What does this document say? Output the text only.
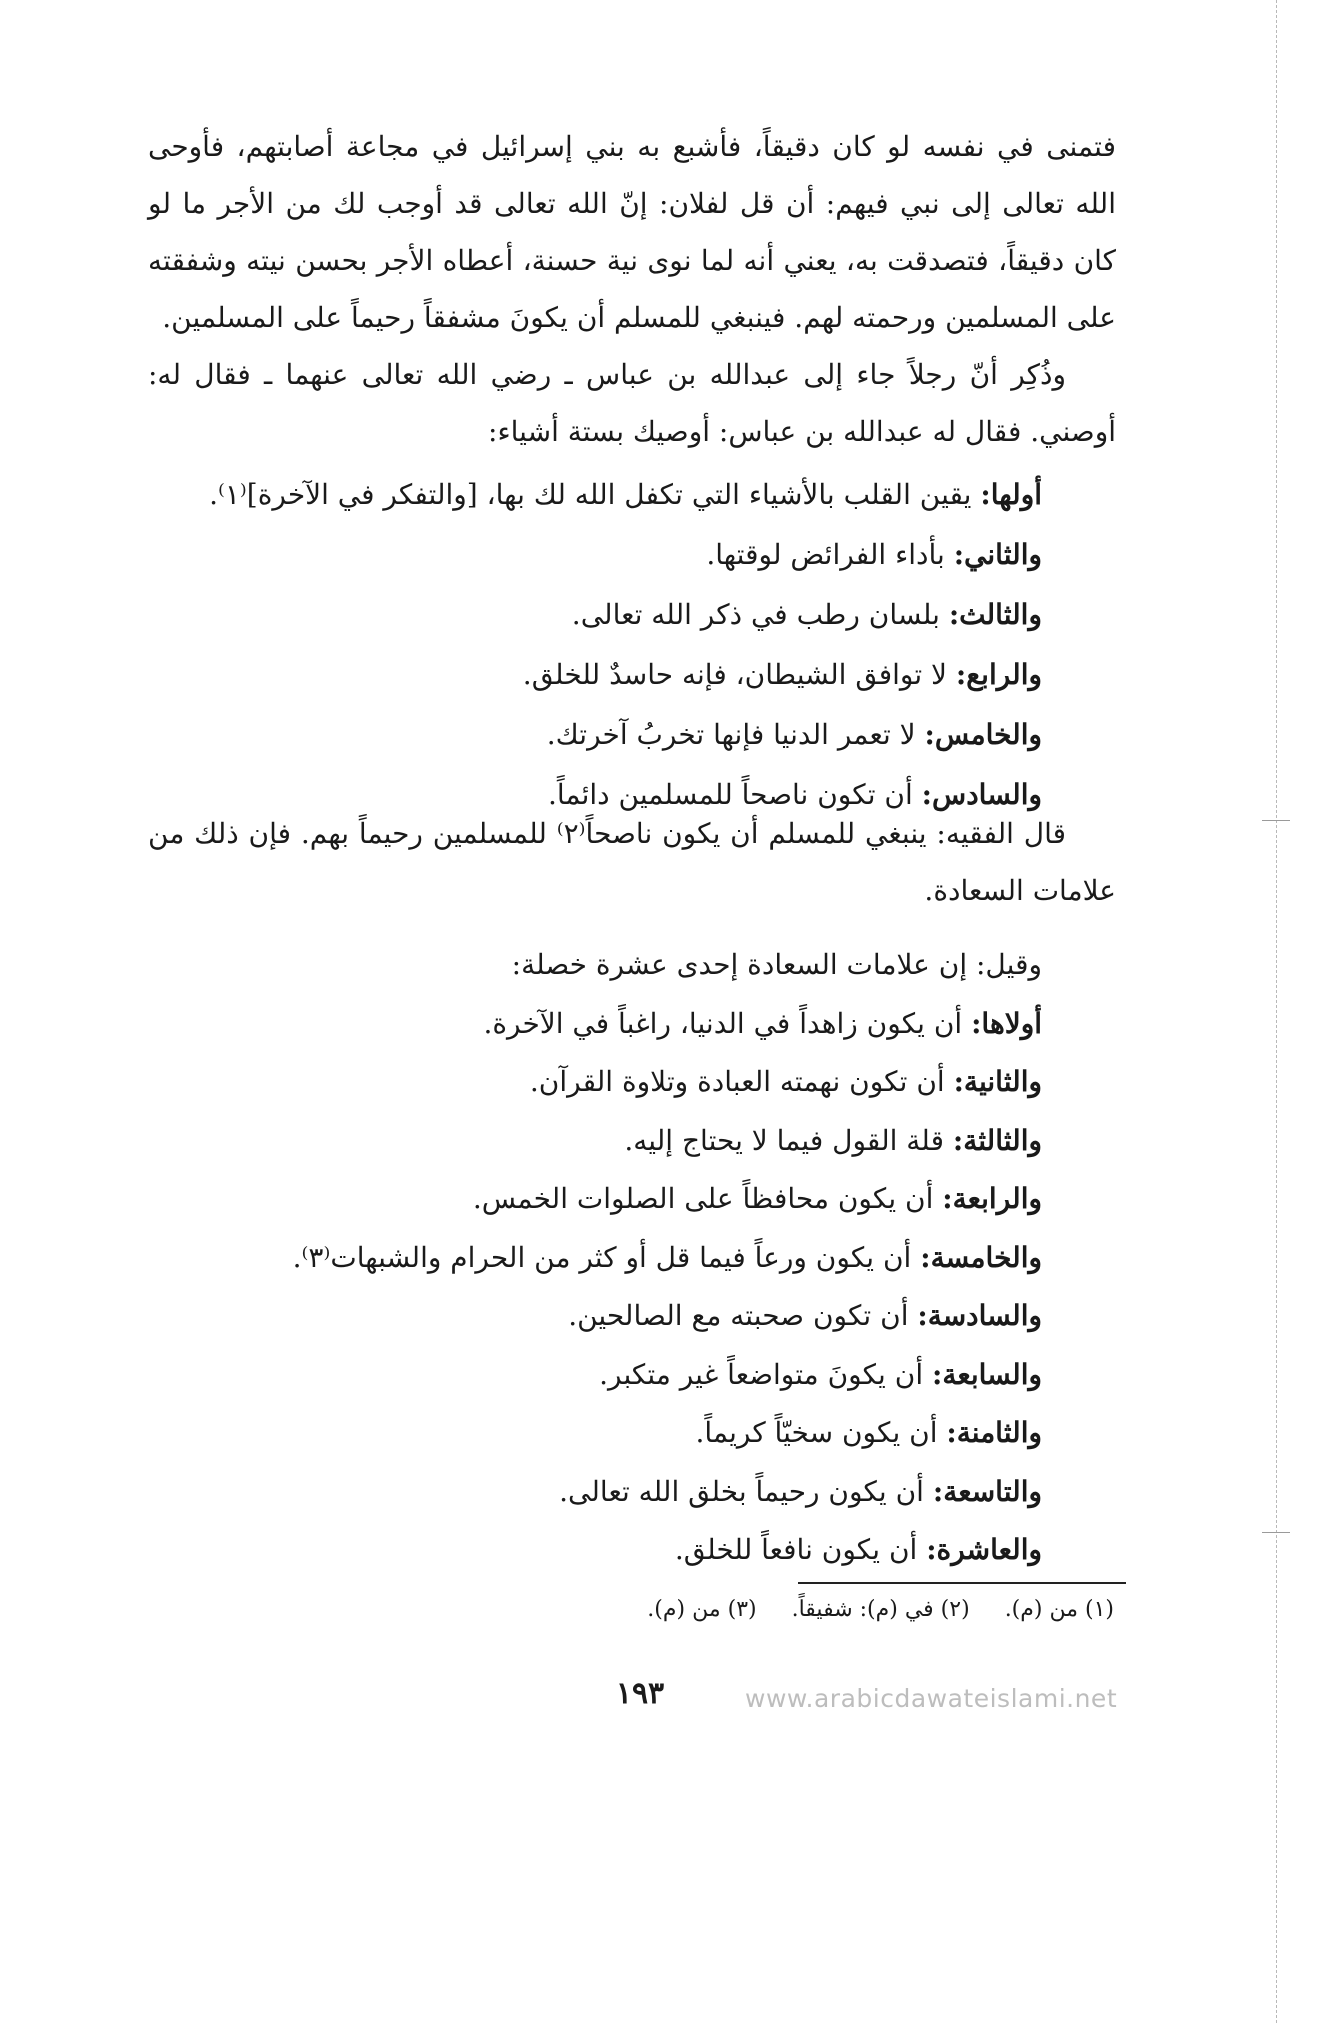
فتمنى في نفسه لو كان دقيقاً، فأشبع به بني إسرائيل في مجاعة أصابتهم، فأوحى الله تعالى إلى نبي فيهم: أن قل لفلان: إنّ الله تعالى قد أوجب لك من الأجر ما لو كان دقيقاً، فتصدقت به، يعني أنه لما نوى نية حسنة، أعطاه الأجر بحسن نيته وشفقته على المسلمين ورحمته لهم. فينبغي للمسلم أن يكونَ مشفقاً رحيماً على المسلمين.

وذُكِر أنّ رجلاً جاء إلى عبدالله بن عباس ـ رضي الله تعالى عنهما ـ فقال له: أوصني. فقال له عبدالله بن عباس: أوصيك بستة أشياء:

أولها: يقين القلب بالأشياء التي تكفل الله لك بها، [والتفكر في الآخرة]⁽١⁾.
والثاني: بأداء الفرائض لوقتها.
والثالث: بلسان رطب في ذكر الله تعالى.
والرابع: لا توافق الشيطان، فإنه حاسدٌ للخلق.
والخامس: لا تعمر الدنيا فإنها تخربُ آخرتك.
والسادس: أن تكون ناصحاً للمسلمين دائماً.

قال الفقيه: ينبغي للمسلم أن يكون ناصحاً⁽٢⁾ للمسلمين رحيماً بهم. فإن ذلك من علامات السعادة.

وقيل: إن علامات السعادة إحدى عشرة خصلة:
أولاها: أن يكون زاهداً في الدنيا، راغباً في الآخرة.
والثانية: أن تكون نهمته العبادة وتلاوة القرآن.
والثالثة: قلة القول فيما لا يحتاج إليه.
والرابعة: أن يكون محافظاً على الصلوات الخمس.
والخامسة: أن يكون ورعاً فيما قل أو كثر من الحرام والشبهات⁽٣⁾.
والسادسة: أن تكون صحبته مع الصالحين.
والسابعة: أن يكونَ متواضعاً غير متكبر.
والثامنة: أن يكون سخيّاً كريماً.
والتاسعة: أن يكون رحيماً بخلق الله تعالى.
والعاشرة: أن يكون نافعاً للخلق.
(١) من (م). (٢) في (م): شفيقاً. (٣) من (م).
١٩٣	www.arabicdawateislami.net
